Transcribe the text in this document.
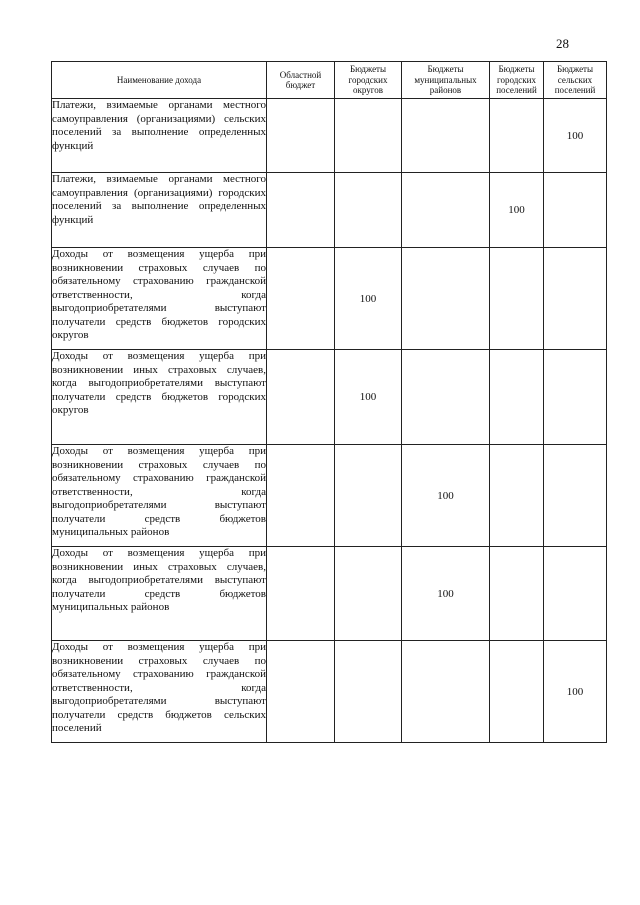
28
Наименование дохода	Областной бюджет	Бюджеты городских округов	Бюджеты муниципальных районов	Бюджеты городских поселений	Бюджеты сельских поселений
Платежи, взимаемые органами местного самоуправления (организациями) сельских поселений за выполнение определенных функций					100
Платежи, взимаемые органами местного самоуправления (организациями) городских поселений за выполнение определенных функций				100	
Доходы от возмещения ущерба при возникновении страховых случаев по обязательному страхованию гражданской ответственности, когда выгодоприобретателями выступают получатели средств бюджетов городских округов		100			
Доходы от возмещения ущерба при возникновении иных страховых случаев, когда выгодоприобретателями выступают получатели средств бюджетов городских округов		100			
Доходы от возмещения ущерба при возникновении страховых случаев по обязательному страхованию гражданской ответственности, когда выгодоприобретателями выступают получатели средств бюджетов муниципальных районов			100		
Доходы от возмещения ущерба при возникновении иных страховых случаев, когда выгодоприобретателями выступают получатели средств бюджетов муниципальных районов			100		
Доходы от возмещения ущерба при возникновении страховых случаев по обязательному страхованию гражданской ответственности, когда выгодоприобретателями выступают получатели средств бюджетов сельских поселений					100
